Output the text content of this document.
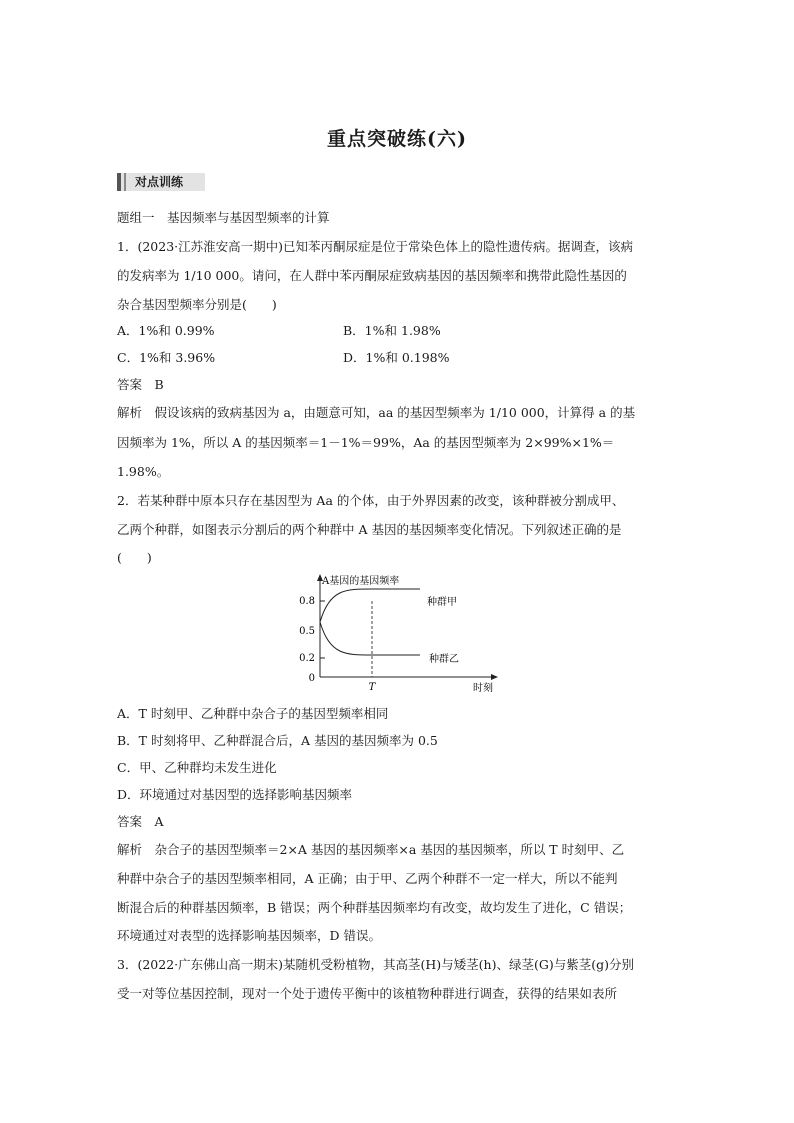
重点突破练(六)
对点训练
题组一　基因频率与基因型频率的计算
1．(2023·江苏淮安高一期中)已知苯丙酮尿症是位于常染色体上的隐性遗传病。据调查，该病
的发病率为 1/10 000。请问，在人群中苯丙酮尿症致病基因的基因频率和携带此隐性基因的
杂合基因型频率分别是(　　)
A．1%和 0.99%	B．1%和 1.98%
C．1%和 3.96%	D．1%和 0.198%
答案　B
解析　假设该病的致病基因为 a，由题意可知，aa 的基因型频率为 1/10 000，计算得 a 的基
因频率为 1%，所以 A 的基因频率＝1－1%＝99%，Aa 的基因型频率为 2×99%×1%＝
1.98%。
2．若某种群中原本只存在基因型为 Aa 的个体，由于外界因素的改变，该种群被分割成甲、
乙两个种群，如图表示分割后的两个种群中 A 基因的基因频率变化情况。下列叙述正确的是
(　　)
A基因的基因频率
时刻
0.8
0.5
0.2
0
T
种群甲
种群乙
A．T 时刻甲、乙种群中杂合子的基因型频率相同
B．T 时刻将甲、乙种群混合后，A 基因的基因频率为 0.5
C．甲、乙种群均未发生进化
D．环境通过对基因型的选择影响基因频率
答案　A
解析　杂合子的基因型频率＝2×A 基因的基因频率×a 基因的基因频率，所以 T 时刻甲、乙
种群中杂合子的基因型频率相同，A 正确；由于甲、乙两个种群不一定一样大，所以不能判
断混合后的种群基因频率，B 错误；两个种群基因频率均有改变，故均发生了进化，C 错误；
环境通过对表型的选择影响基因频率，D 错误。
3．(2022·广东佛山高一期末)某随机受粉植物，其高茎(H)与矮茎(h)、绿茎(G)与紫茎(g)分别
受一对等位基因控制，现对一个处于遗传平衡中的该植物种群进行调查，获得的结果如表所
